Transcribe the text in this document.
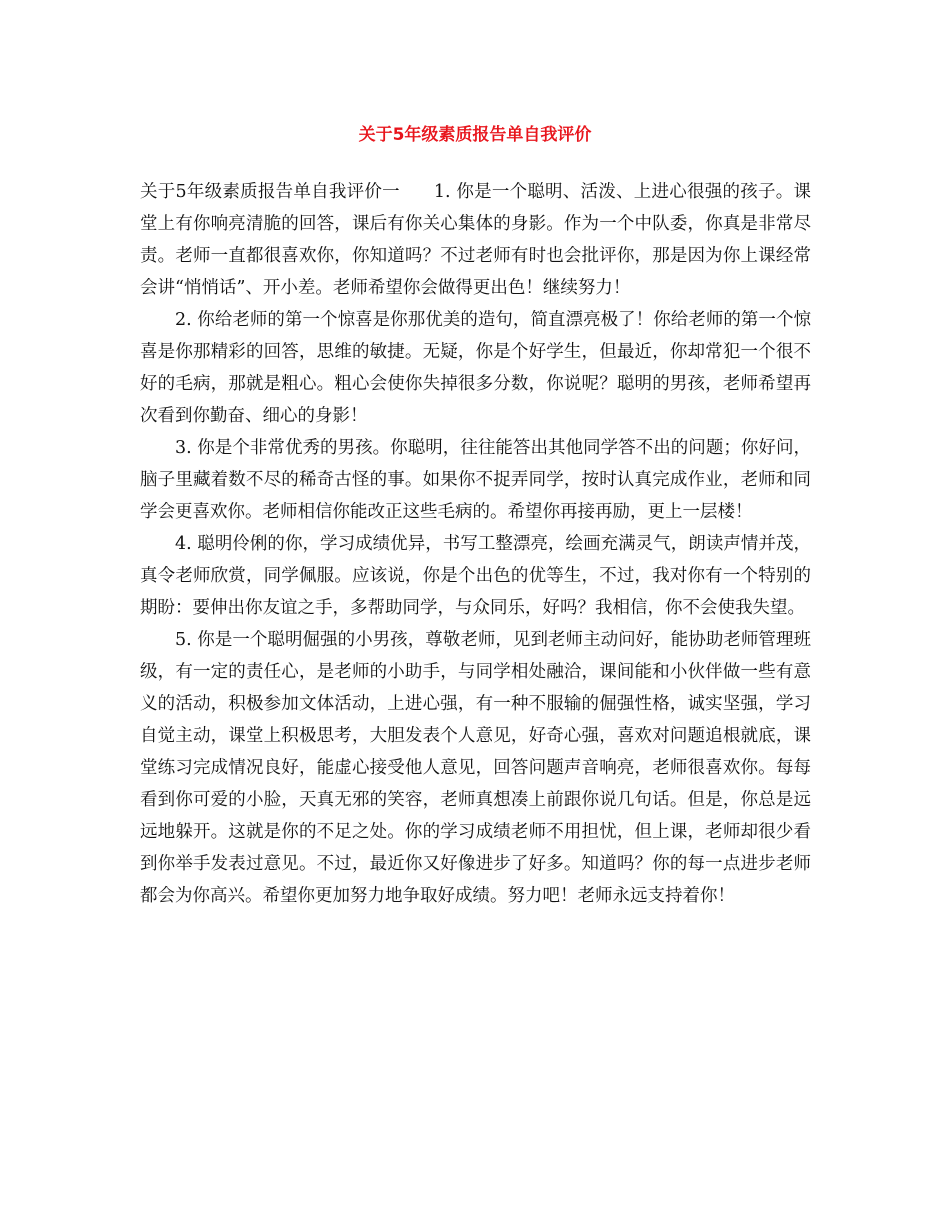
关于5年级素质报告单自我评价

关于5年级素质报告单自我评价一 1. 你是一个聪明、活泼、上进心很强的孩子。课堂上有你响亮清脆的回答，课后有你关心集体的身影。作为一个中队委，你真是非常尽责。老师一直都很喜欢你，你知道吗？不过老师有时也会批评你，那是因为你上课经常会讲“悄悄话”、开小差。老师希望你会做得更出色！继续努力！

2. 你给老师的第一个惊喜是你那优美的造句，简直漂亮极了！你给老师的第一个惊喜是你那精彩的回答，思维的敏捷。无疑，你是个好学生，但最近，你却常犯一个很不好的毛病，那就是粗心。粗心会使你失掉很多分数，你说呢？聪明的男孩，老师希望再次看到你勤奋、细心的身影！

3. 你是个非常优秀的男孩。你聪明，往往能答出其他同学答不出的问题；你好问，脑子里藏着数不尽的稀奇古怪的事。如果你不捉弄同学，按时认真完成作业，老师和同学会更喜欢你。老师相信你能改正这些毛病的。希望你再接再励，更上一层楼！

4. 聪明伶俐的你，学习成绩优异，书写工整漂亮，绘画充满灵气，朗读声情并茂，真令老师欣赏，同学佩服。应该说，你是个出色的优等生，不过，我对你有一个特别的期盼：要伸出你友谊之手，多帮助同学，与众同乐，好吗？我相信，你不会使我失望。

5. 你是一个聪明倔强的小男孩，尊敬老师，见到老师主动问好，能协助老师管理班级，有一定的责任心，是老师的小助手，与同学相处融洽，课间能和小伙伴做一些有意义的活动，积极参加文体活动，上进心强，有一种不服输的倔强性格，诚实坚强，学习自觉主动，课堂上积极思考，大胆发表个人意见，好奇心强，喜欢对问题追根就底，课堂练习完成情况良好，能虚心接受他人意见，回答问题声音响亮，老师很喜欢你。每每看到你可爱的小脸，天真无邪的笑容，老师真想凑上前跟你说几句话。但是，你总是远远地躲开。这就是你的不足之处。你的学习成绩老师不用担忧，但上课，老师却很少看到你举手发表过意见。不过，最近你又好像进步了好多。知道吗？你的每一点进步老师都会为你高兴。希望你更加努力地争取好成绩。努力吧！老师永远支持着你！
